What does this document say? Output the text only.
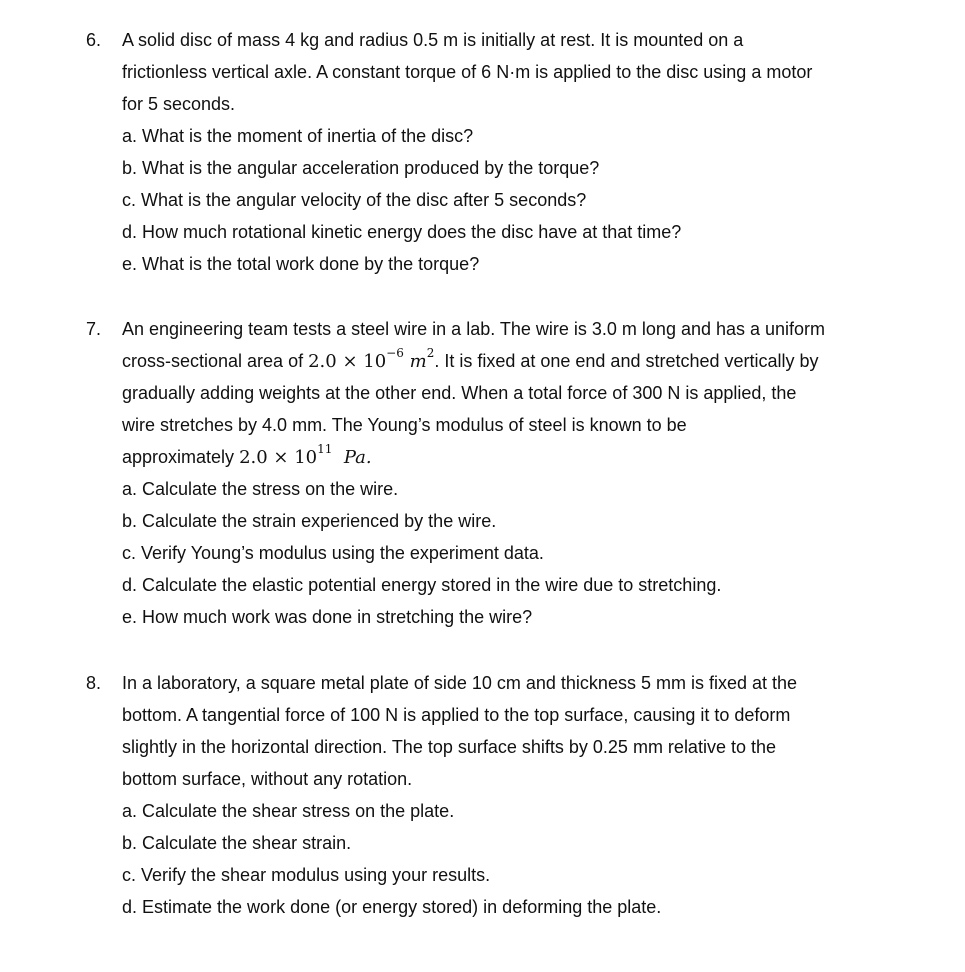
6. A solid disc of mass 4 kg and radius 0.5 m is initially at rest. It is mounted on a
frictionless vertical axle. A constant torque of 6 N·m is applied to the disc using a motor
for 5 seconds.
a. What is the moment of inertia of the disc?
b. What is the angular acceleration produced by the torque?
c. What is the angular velocity of the disc after 5 seconds?
d. How much rotational kinetic energy does the disc have at that time?
e. What is the total work done by the torque?
7. An engineering team tests a steel wire in a lab. The wire is 3.0 m long and has a uniform
cross-sectional area of $2.0 \times 10^{-6}$ $m^2$. It is fixed at one end and stretched vertically by
gradually adding weights at the other end. When a total force of 300 N is applied, the
wire stretches by 4.0 mm. The Young’s modulus of steel is known to be
approximately $2.0 \times 10^{11}$ Pa.
a. Calculate the stress on the wire.
b. Calculate the strain experienced by the wire.
c. Verify Young’s modulus using the experiment data.
d. Calculate the elastic potential energy stored in the wire due to stretching.
e. How much work was done in stretching the wire?
8. In a laboratory, a square metal plate of side 10 cm and thickness 5 mm is fixed at the
bottom. A tangential force of 100 N is applied to the top surface, causing it to deform
slightly in the horizontal direction. The top surface shifts by 0.25 mm relative to the
bottom surface, without any rotation.
a. Calculate the shear stress on the plate.
b. Calculate the shear strain.
c. Verify the shear modulus using your results.
d. Estimate the work done (or energy stored) in deforming the plate.
